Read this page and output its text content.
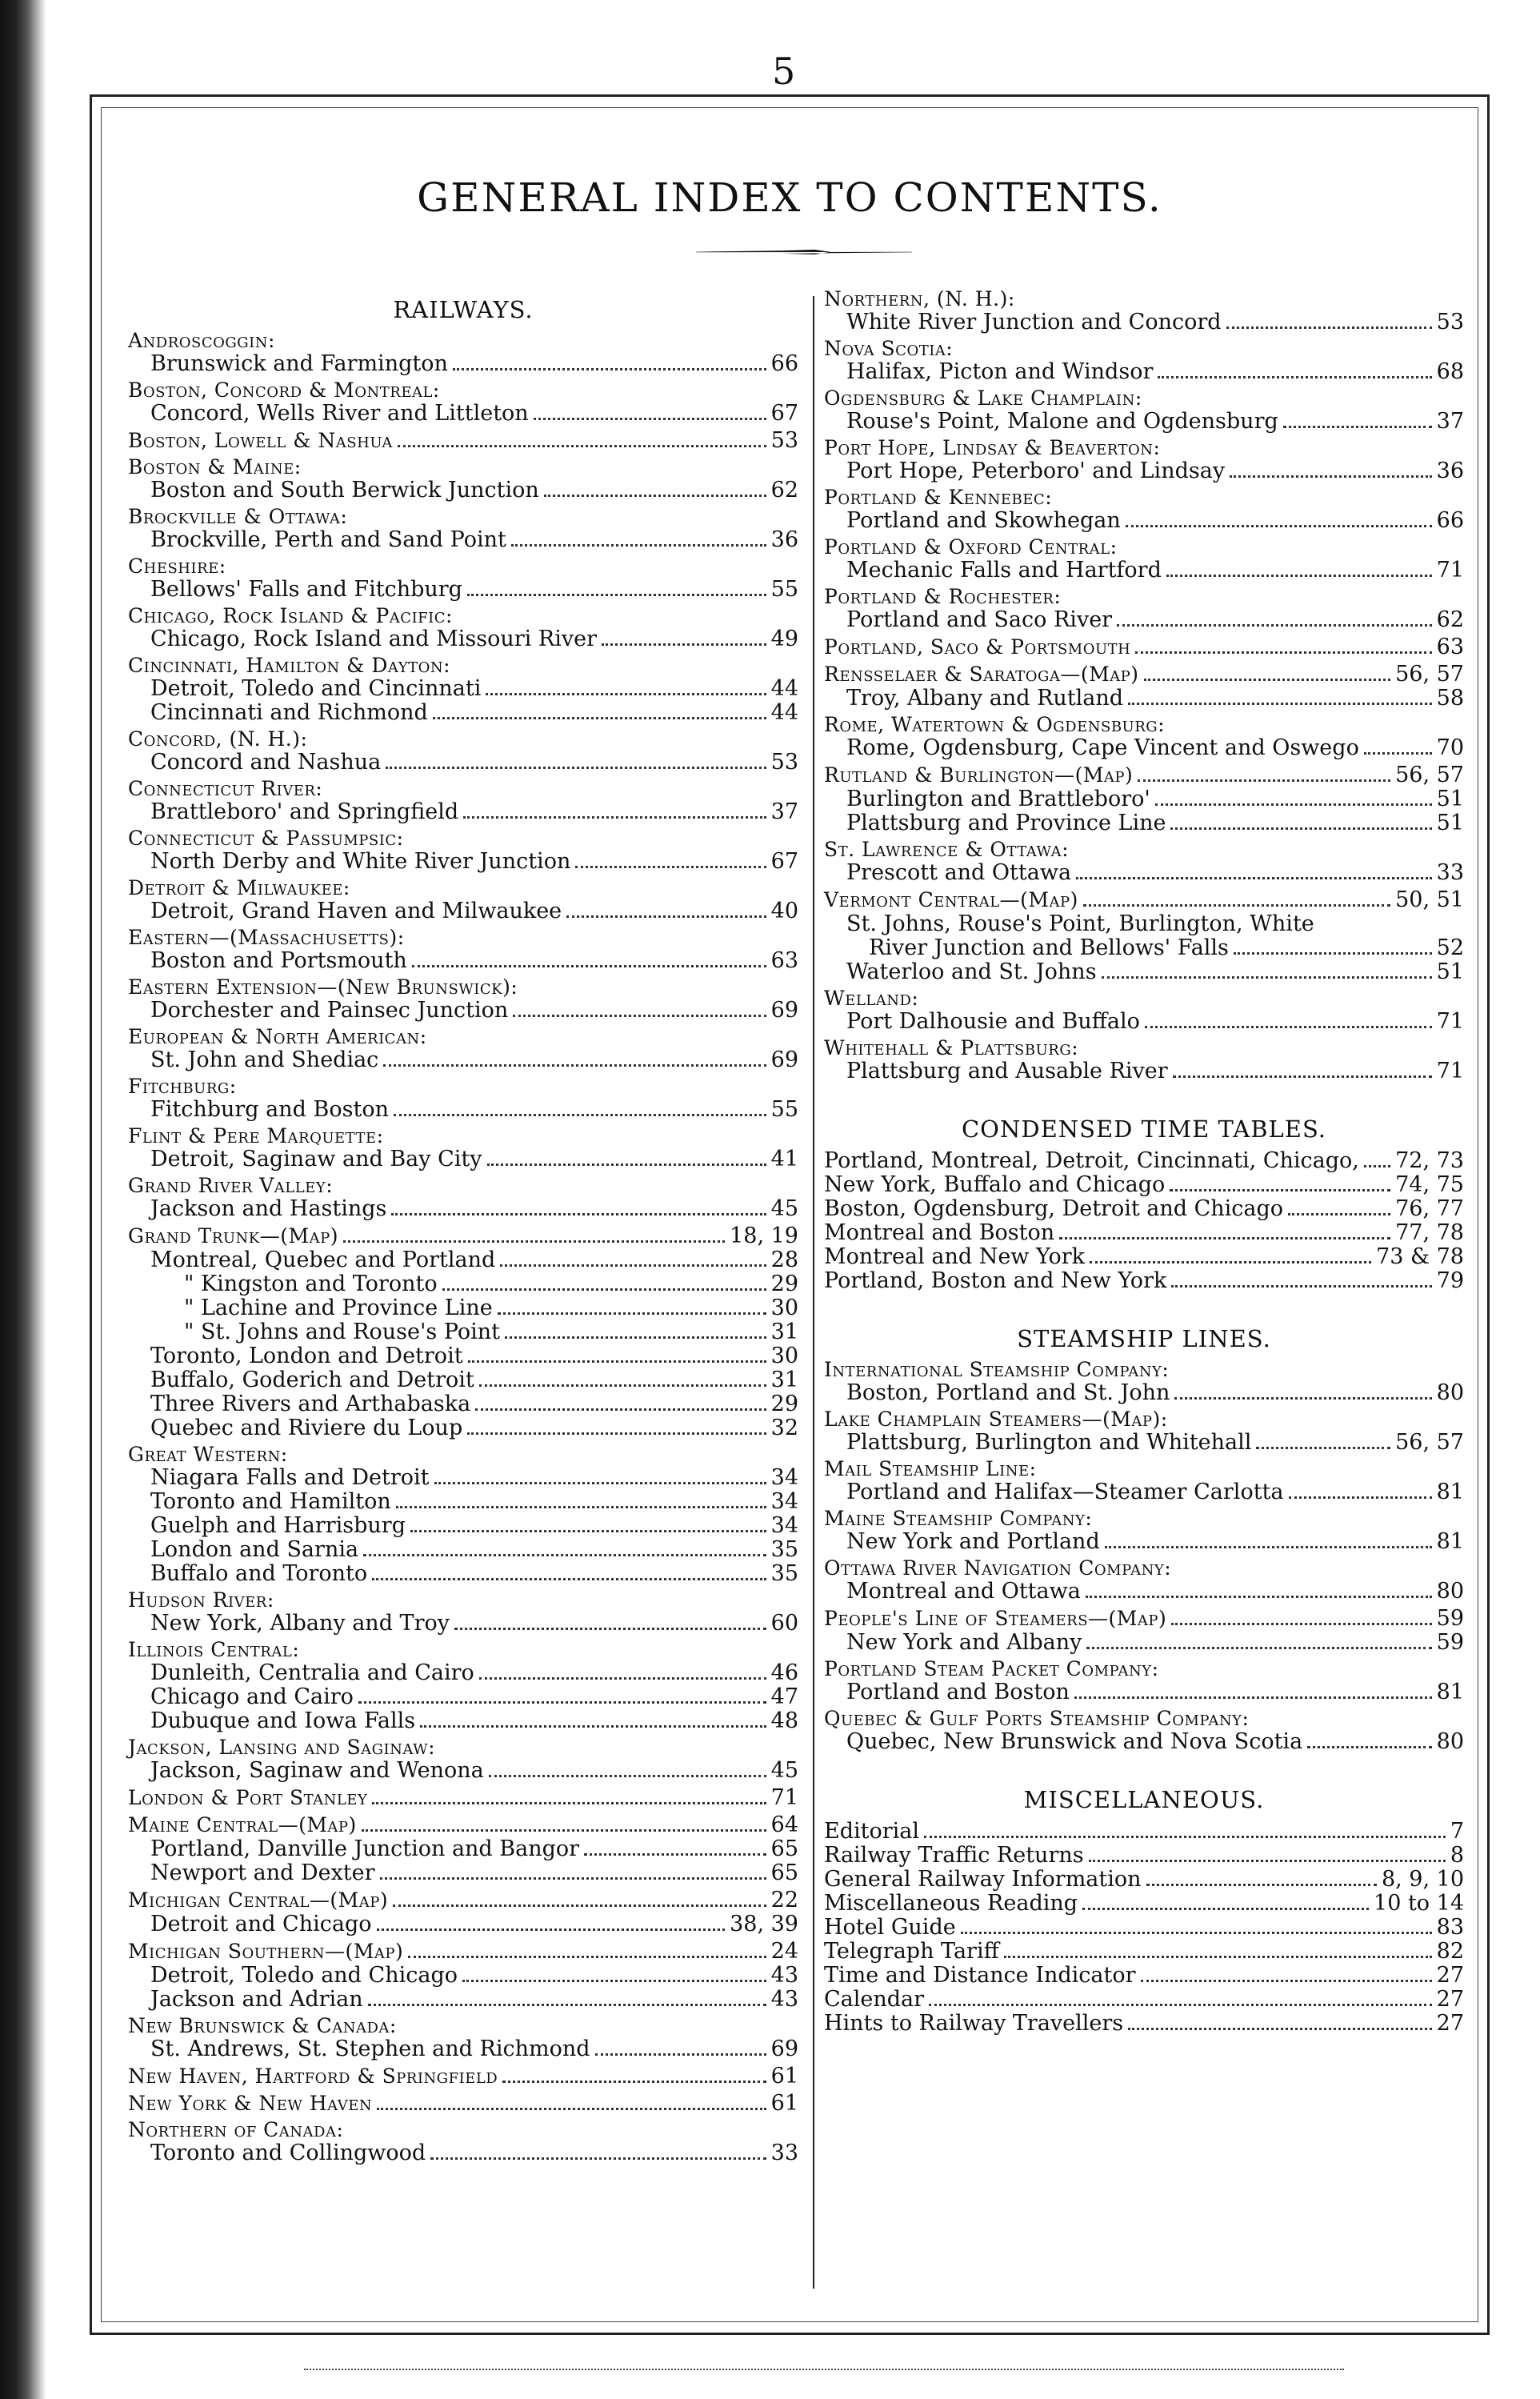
5
GENERAL INDEX TO CONTENTS.
RAILWAYS.
Androscoggin:
Brunswick and Farmington	66
Boston, Concord & Montreal:
Concord, Wells River and Littleton	67
Boston, Lowell & Nashua	53
Boston & Maine:
Boston and South Berwick Junction	62
Brockville & Ottawa:
Brockville, Perth and Sand Point	36
Cheshire:
Bellows' Falls and Fitchburg	55
Chicago, Rock Island & Pacific:
Chicago, Rock Island and Missouri River	49
Cincinnati, Hamilton & Dayton:
Detroit, Toledo and Cincinnati	44
Cincinnati and Richmond	44
Concord, (N. H.):
Concord and Nashua	53
Connecticut River:
Brattleboro' and Springfield	37
Connecticut & Passumpsic:
North Derby and White River Junction	67
Detroit & Milwaukee:
Detroit, Grand Haven and Milwaukee	40
Eastern—(Massachusetts):
Boston and Portsmouth	63
Eastern Extension—(New Brunswick):
Dorchester and Painsec Junction	69
European & North American:
St. John and Shediac	69
Fitchburg:
Fitchburg and Boston	55
Flint & Pere Marquette:
Detroit, Saginaw and Bay City	41
Grand River Valley:
Jackson and Hastings	45
Grand Trunk—(Map)	18, 19
Montreal, Quebec and Portland	28
" Kingston and Toronto	29
" Lachine and Province Line	30
" St. Johns and Rouse's Point	31
Toronto, London and Detroit	30
Buffalo, Goderich and Detroit	31
Three Rivers and Arthabaska	29
Quebec and Riviere du Loup	32
Great Western:
Niagara Falls and Detroit	34
Toronto and Hamilton	34
Guelph and Harrisburg	34
London and Sarnia	35
Buffalo and Toronto	35
Hudson River:
New York, Albany and Troy	60
Illinois Central:
Dunleith, Centralia and Cairo	46
Chicago and Cairo	47
Dubuque and Iowa Falls	48
Jackson, Lansing and Saginaw:
Jackson, Saginaw and Wenona	45
London & Port Stanley	71
Maine Central—(Map)	64
Portland, Danville Junction and Bangor	65
Newport and Dexter	65
Michigan Central—(Map)	22
Detroit and Chicago	38, 39
Michigan Southern—(Map)	24
Detroit, Toledo and Chicago	43
Jackson and Adrian	43
New Brunswick & Canada:
St. Andrews, St. Stephen and Richmond	69
New Haven, Hartford & Springfield	61
New York & New Haven	61
Northern of Canada:
Toronto and Collingwood	33
Northern, (N. H.):
White River Junction and Concord	53
Nova Scotia:
Halifax, Picton and Windsor	68
Ogdensburg & Lake Champlain:
Rouse's Point, Malone and Ogdensburg	37
Port Hope, Lindsay & Beaverton:
Port Hope, Peterboro' and Lindsay	36
Portland & Kennebec:
Portland and Skowhegan	66
Portland & Oxford Central:
Mechanic Falls and Hartford	71
Portland & Rochester:
Portland and Saco River	62
Portland, Saco & Portsmouth	63
Rensselaer & Saratoga—(Map)	56, 57
Troy, Albany and Rutland	58
Rome, Watertown & Ogdensburg:
Rome, Ogdensburg, Cape Vincent and Oswego	70
Rutland & Burlington—(Map)	56, 57
Burlington and Brattleboro'	51
Plattsburg and Province Line	51
St. Lawrence & Ottawa:
Prescott and Ottawa	33
Vermont Central—(Map)	50, 51
St. Johns, Rouse's Point, Burlington, White
River Junction and Bellows' Falls	52
Waterloo and St. Johns	51
Welland:
Port Dalhousie and Buffalo	71
Whitehall & Plattsburg:
Plattsburg and Ausable River	71
CONDENSED TIME TABLES.
Portland, Montreal, Detroit, Cincinnati, Chicago, 72, 73
New York, Buffalo and Chicago	74, 75
Boston, Ogdensburg, Detroit and Chicago	76, 77
Montreal and Boston	77, 78
Montreal and New York	73 & 78
Portland, Boston and New York	79
STEAMSHIP LINES.
International Steamship Company:
Boston, Portland and St. John	80
Lake Champlain Steamers—(Map):
Plattsburg, Burlington and Whitehall	56, 57
Mail Steamship Line:
Portland and Halifax—Steamer Carlotta	81
Maine Steamship Company:
New York and Portland	81
Ottawa River Navigation Company:
Montreal and Ottawa	80
People's Line of Steamers—(Map)	59
New York and Albany	59
Portland Steam Packet Company:
Portland and Boston	81
Quebec & Gulf Ports Steamship Company:
Quebec, New Brunswick and Nova Scotia	80
MISCELLANEOUS.
Editorial	7
Railway Traffic Returns	8
General Railway Information	8, 9, 10
Miscellaneous Reading	10 to 14
Hotel Guide	83
Telegraph Tariff	82
Time and Distance Indicator	27
Calendar	27
Hints to Railway Travellers	27
